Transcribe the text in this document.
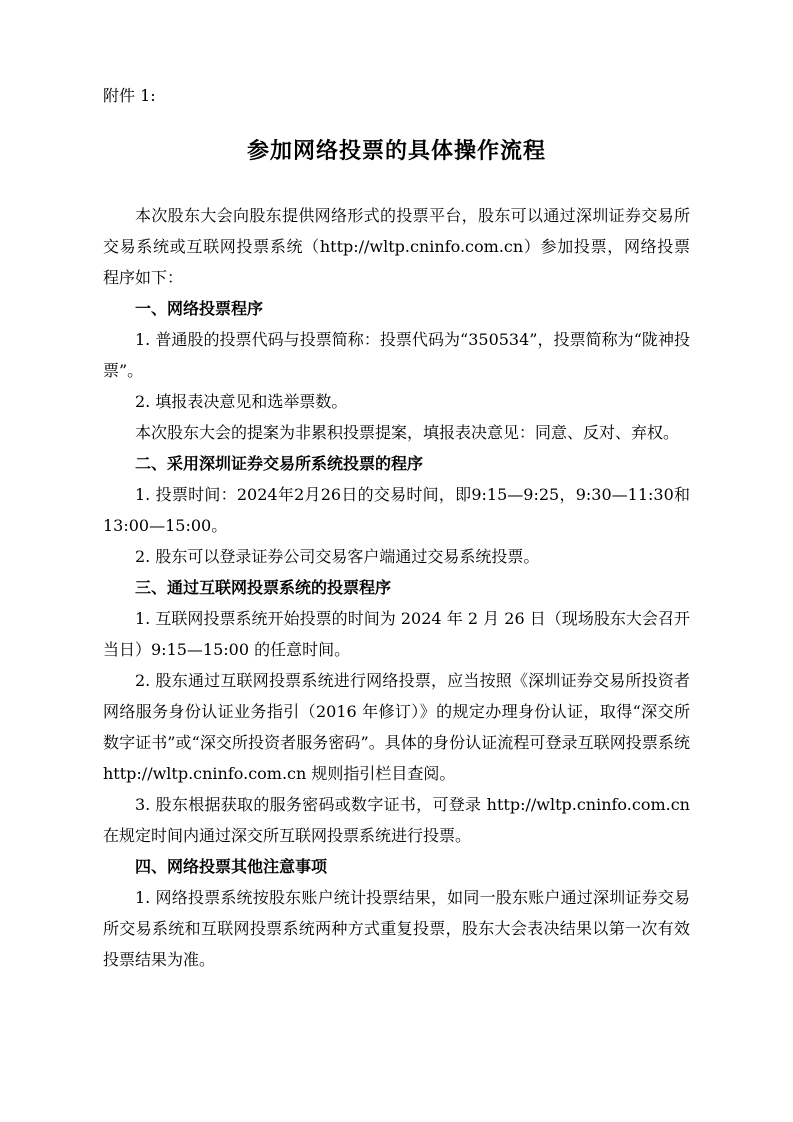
附件 1:

参加网络投票的具体操作流程

本次股东大会向股东提供网络形式的投票平台，股东可以通过深圳证券交易所交易系统或互联网投票系统（http://wltp.cninfo.com.cn）参加投票，网络投票程序如下：

一、网络投票程序

1. 普通股的投票代码与投票简称：投票代码为“350534”，投票简称为“陇神投票”。

2. 填报表决意见和选举票数。

本次股东大会的提案为非累积投票提案，填报表决意见：同意、反对、弃权。

二、采用深圳证券交易所系统投票的程序

1. 投票时间：2024年2月26日的交易时间，即9:15—9:25，9:30—11:30和13:00—15:00。

2. 股东可以登录证券公司交易客户端通过交易系统投票。

三、通过互联网投票系统的投票程序

1. 互联网投票系统开始投票的时间为 2024 年 2 月 26 日（现场股东大会召开当日）9:15—15:00 的任意时间。

2. 股东通过互联网投票系统进行网络投票，应当按照《深圳证券交易所投资者网络服务身份认证业务指引（2016 年修订）》的规定办理身份认证，取得“深交所数字证书”或“深交所投资者服务密码”。具体的身份认证流程可登录互联网投票系统 http://wltp.cninfo.com.cn 规则指引栏目查阅。

3. 股东根据获取的服务密码或数字证书，可登录 http://wltp.cninfo.com.cn 在规定时间内通过深交所互联网投票系统进行投票。

四、网络投票其他注意事项

1. 网络投票系统按股东账户统计投票结果，如同一股东账户通过深圳证券交易所交易系统和互联网投票系统两种方式重复投票，股东大会表决结果以第一次有效投票结果为准。
